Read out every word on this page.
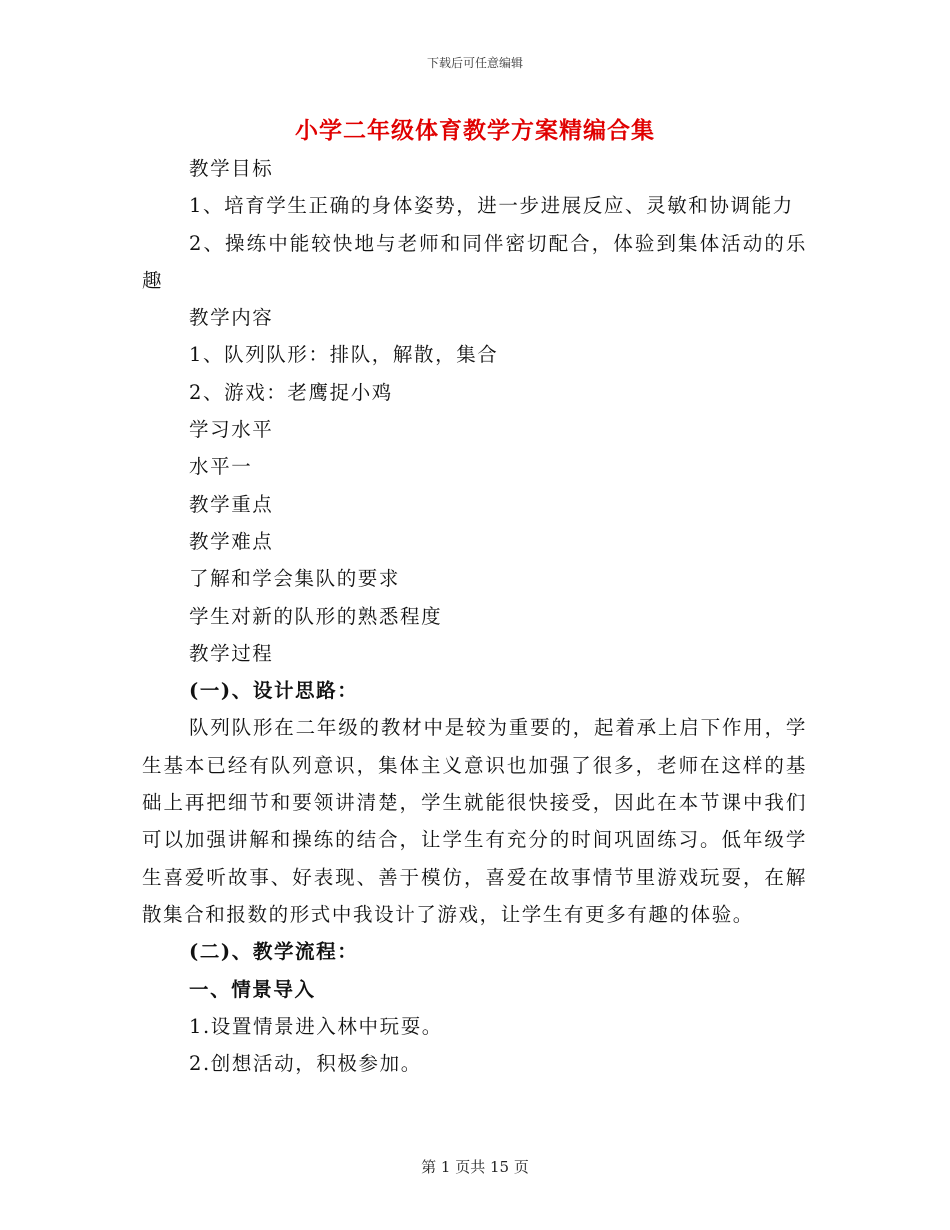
下载后可任意编辑
小学二年级体育教学方案精编合集

教学目标

1、培育学生正确的身体姿势，进一步进展反应、灵敏和协调能力

2、操练中能较快地与老师和同伴密切配合，体验到集体活动的乐趣

教学内容

1、队列队形：排队，解散，集合

2、游戏：老鹰捉小鸡

学习水平

水平一

教学重点

教学难点

了解和学会集队的要求

学生对新的队形的熟悉程度

教学过程

(一)、设计思路：

队列队形在二年级的教材中是较为重要的，起着承上启下作用，学生基本已经有队列意识，集体主义意识也加强了很多，老师在这样的基础上再把细节和要领讲清楚，学生就能很快接受，因此在本节课中我们可以加强讲解和操练的结合，让学生有充分的时间巩固练习。低年级学生喜爱听故事、好表现、善于模仿，喜爱在故事情节里游戏玩耍，在解散集合和报数的形式中我设计了游戏，让学生有更多有趣的体验。

(二)、教学流程：

一、情景导入

1.设置情景进入林中玩耍。

2.创想活动，积极参加。

第 1 页共 15 页
